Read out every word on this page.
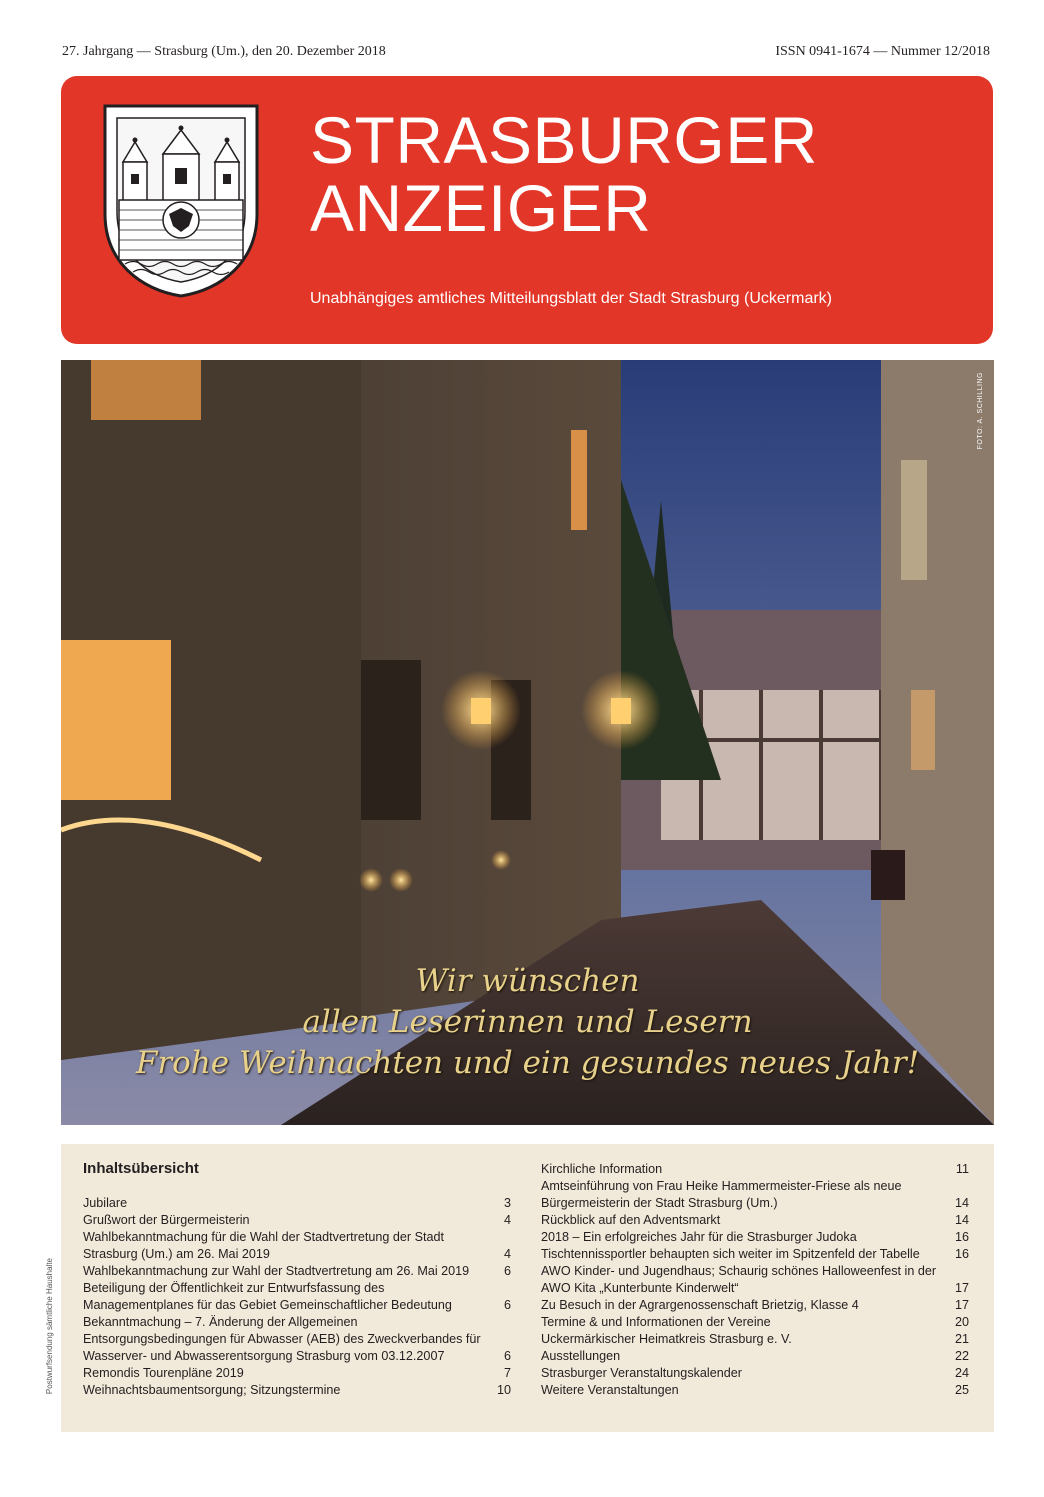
27. Jahrgang — Strasburg (Um.), den 20. Dezember 2018	ISSN 0941-1674 — Nummer 12/2018
STRASBURGER
ANZEIGER
Unabhängiges amtliches Mitteilungsblatt der Stadt Strasburg (Uckermark)
FOTO: A. SCHILLING
Wir wünschen
allen Leserinnen und Lesern
Frohe Weihnachten und ein gesundes neues Jahr!
Inhaltsübersicht
Jubilare	3
Grußwort der Bürgermeisterin	4
Wahlbekanntmachung für die Wahl der Stadtvertretung der Stadt Strasburg (Um.) am 26. Mai 2019	4
Wahlbekanntmachung zur Wahl der Stadtvertretung am 26. Mai 2019	6
Beteiligung der Öffentlichkeit zur Entwurfsfassung des Managementplanes für das Gebiet Gemeinschaftlicher Bedeutung	6
Bekanntmachung – 7. Änderung der Allgemeinen Entsorgungsbedingungen für Abwasser (AEB) des Zweckverbandes für Wasserver- und Abwasserentsorgung Strasburg vom 03.12.2007	6
Remondis Tourenpläne 2019	7
Weihnachtsbaumentsorgung; Sitzungstermine	10
Kirchliche Information	11
Amtseinführung von Frau Heike Hammermeister-Friese als neue Bürgermeisterin der Stadt Strasburg (Um.)	14
Rückblick auf den Adventsmarkt	14
2018 – Ein erfolgreiches Jahr für die Strasburger Judoka	16
Tischtennissportler behaupten sich weiter im Spitzenfeld der Tabelle	16
AWO Kinder- und Jugendhaus; Schaurig schönes Halloweenfest in der AWO Kita „Kunterbunte Kinderwelt“	17
Zu Besuch in der Agrargenossenschaft Brietzig, Klasse 4	17
Termine & und Informationen der Vereine	20
Uckermärkischer Heimatkreis Strasburg e. V.	21
Ausstellungen	22
Strasburger Veranstaltungskalender	24
Weitere Veranstaltungen	25
Postwurfsendung sämtliche Haushalte
